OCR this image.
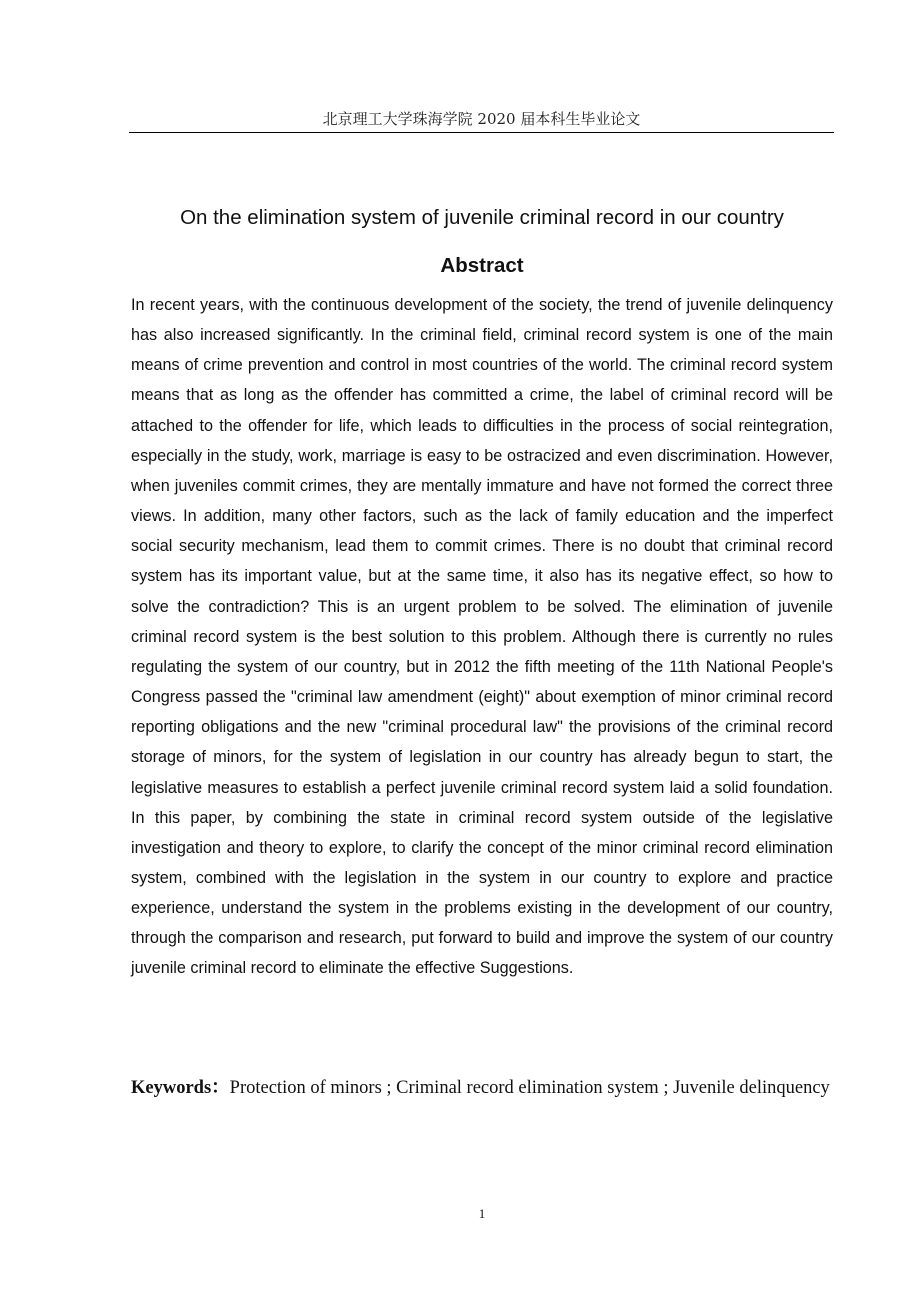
北京理工大学珠海学院 2020 届本科生毕业论文
On the elimination system of juvenile criminal record in our country
Abstract

In recent years, with the continuous development of the society, the trend of juvenile delinquency has also increased significantly. In the criminal field, criminal record system is one of the main means of crime prevention and control in most countries of the world. The criminal record system means that as long as the offender has committed a crime, the label of criminal record will be attached to the offender for life, which leads to difficulties in the process of social reintegration, especially in the study, work, marriage is easy to be ostracized and even discrimination. However, when juveniles commit crimes, they are mentally immature and have not formed the correct three views. In addition, many other factors, such as the lack of family education and the imperfect social security mechanism, lead them to commit crimes. There is no doubt that criminal record system has its important value, but at the same time, it also has its negative effect, so how to solve the contradiction? This is an urgent problem to be solved. The elimination of juvenile criminal record system is the best solution to this problem. Although there is currently no rules regulating the system of our country, but in 2012 the fifth meeting of the 11th National People's Congress passed the "criminal law amendment (eight)" about exemption of minor criminal record reporting obligations and the new "criminal procedural law" the provisions of the criminal record storage of minors, for the system of legislation in our country has already begun to start, the legislative measures to establish a perfect juvenile criminal record system laid a solid foundation. In this paper, by combining the state in criminal record system outside of the legislative investigation and theory to explore, to clarify the concept of the minor criminal record elimination system, combined with the legislation in the system in our country to explore and practice experience, understand the system in the problems existing in the development of our country, through the comparison and research, put forward to build and improve the system of our country juvenile criminal record to eliminate the effective Suggestions.

Keywords：Protection of minors ; Criminal record elimination system ; Juvenile delinquency
1
